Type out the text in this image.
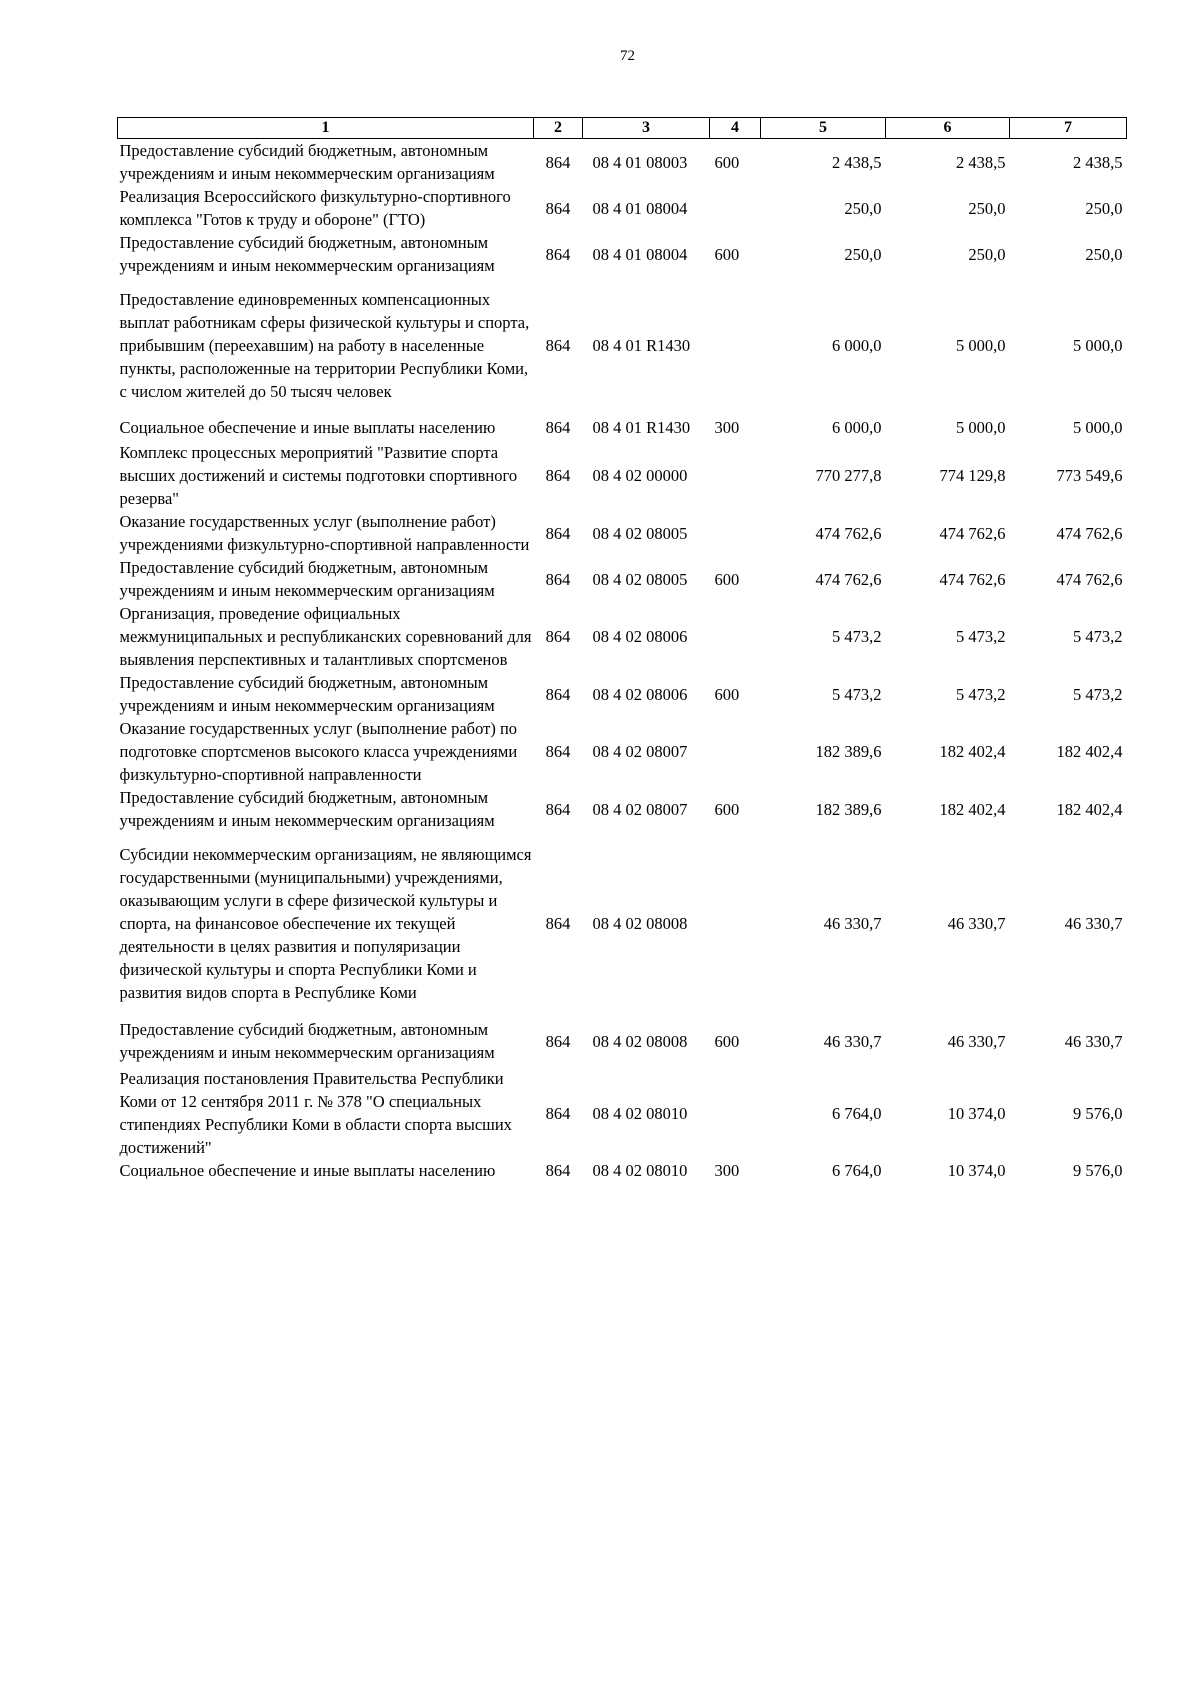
72
1	2	3	4	5	6	7
Предоставление субсидий бюджетным, автономным учреждениям и иным некоммерческим организациям	864	08 4 01 08003	600	2 438,5	2 438,5	2 438,5
Реализация Всероссийского физкультурно-спортивного комплекса "Готов к труду и обороне" (ГТО)	864	08 4 01 08004		250,0	250,0	250,0
Предоставление субсидий бюджетным, автономным учреждениям и иным некоммерческим организациям	864	08 4 01 08004	600	250,0	250,0	250,0
Предоставление единовременных компенсационных выплат работникам сферы физической культуры и спорта, прибывшим (переехавшим) на работу в населенные пункты, расположенные на территории Республики Коми, с числом жителей до 50 тысяч человек	864	08 4 01 R1430		6 000,0	5 000,0	5 000,0
Социальное обеспечение и иные выплаты населению	864	08 4 01 R1430	300	6 000,0	5 000,0	5 000,0
Комплекс процессных мероприятий "Развитие спорта высших достижений и системы подготовки спортивного резерва"	864	08 4 02 00000		770 277,8	774 129,8	773 549,6
Оказание государственных услуг (выполнение работ) учреждениями физкультурно-спортивной направленности	864	08 4 02 08005		474 762,6	474 762,6	474 762,6
Предоставление субсидий бюджетным, автономным учреждениям и иным некоммерческим организациям	864	08 4 02 08005	600	474 762,6	474 762,6	474 762,6
Организация, проведение официальных межмуниципальных и республиканских соревнований для выявления перспективных и талантливых спортсменов	864	08 4 02 08006		5 473,2	5 473,2	5 473,2
Предоставление субсидий бюджетным, автономным учреждениям и иным некоммерческим организациям	864	08 4 02 08006	600	5 473,2	5 473,2	5 473,2
Оказание государственных услуг (выполнение работ) по подготовке спортсменов высокого класса учреждениями физкультурно-спортивной направленности	864	08 4 02 08007		182 389,6	182 402,4	182 402,4
Предоставление субсидий бюджетным, автономным учреждениям и иным некоммерческим организациям	864	08 4 02 08007	600	182 389,6	182 402,4	182 402,4
Субсидии некоммерческим организациям, не являющимся государственными (муниципальными) учреждениями, оказывающим услуги в сфере физической культуры и спорта, на финансовое обеспечение их текущей деятельности в целях развития и популяризации физической культуры и спорта Республики Коми и развития видов спорта в Республике Коми	864	08 4 02 08008		46 330,7	46 330,7	46 330,7
Предоставление субсидий бюджетным, автономным учреждениям и иным некоммерческим организациям	864	08 4 02 08008	600	46 330,7	46 330,7	46 330,7
Реализация постановления Правительства Республики Коми от 12 сентября 2011 г. № 378 "О специальных стипендиях Республики Коми в области спорта высших достижений"	864	08 4 02 08010		6 764,0	10 374,0	9 576,0
Социальное обеспечение и иные выплаты населению	864	08 4 02 08010	300	6 764,0	10 374,0	9 576,0
